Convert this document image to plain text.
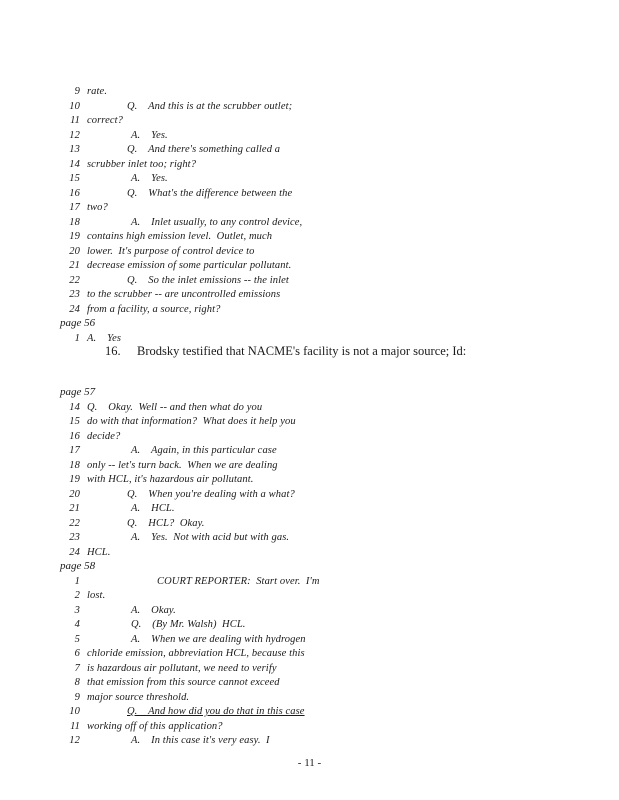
9 rate.
10	Q.    And this is at the scrubber outlet;
11 correct?
12	A.    Yes.
13	Q.    And there's something called a
14 scrubber inlet too; right?
15	A.    Yes.
16	Q.    What's the difference between the
17 two?
18	A.    Inlet usually, to any control device,
19 contains high emission level.  Outlet, much
20 lower.  It's purpose of control device to
21 decrease emission of some particular pollutant.
22	Q.    So the inlet emissions -- the inlet
23 to the scrubber -- are uncontrolled emissions
24 from a facility, a source, right?
page 56
1 A.    Yes
page 57
14 Q.    Okay.  Well -- and then what do you
15 do with that information?  What does it help you
16 decide?
17	A.    Again, in this particular case
18 only -- let's turn back.  When we are dealing
19 with HCL, it's hazardous air pollutant.
20	Q.    When you're dealing with a what?
21	A.    HCL.
22	Q.    HCL?  Okay.
23	A.    Yes.  Not with acid but with gas.
24 HCL.
page 58
1	COURT REPORTER:  Start over.  I'm
2 lost.
3	A.    Okay.
4	Q.    (By Mr. Walsh)  HCL.
5	A.    When we are dealing with hydrogen
6 chloride emission, abbreviation HCL, because this
7 is hazardous air pollutant, we need to verify
8 that emission from this source cannot exceed
9 major source threshold.
10	Q.    And how did you do that in this case
11 working off of this application?
12	A.    In this case it's very easy.  I
16. Brodsky testified that NACME's facility is not a major source; Id:
- 11 -
